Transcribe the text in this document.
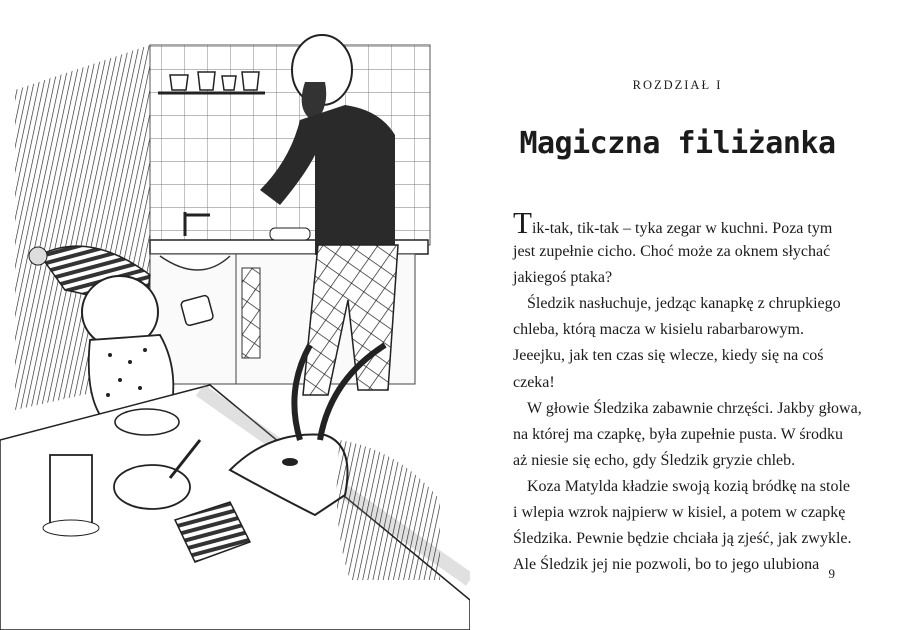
ROZDZIAŁ I
Magiczna filiżanka
Tik-tak, tik-tak – tyka zegar w kuchni. Poza tym
jest zupełnie cicho. Choć może za oknem słychać
jakiegoś ptaka?
Śledzik nasłuchuje, jedząc kanapkę z chrupkiego
chleba, którą macza w kisielu rabarbarowym.
Jeeejku, jak ten czas się wlecze, kiedy się na coś
czeka!
W głowie Śledzika zabawnie chrzęści. Jakby głowa,
na której ma czapkę, była zupełnie pusta. W środku
aż niesie się echo, gdy Śledzik gryzie chleb.
Koza Matylda kładzie swoją kozią bródkę na stole
i wlepia wzrok najpierw w kisiel, a potem w czapkę
Śledzika. Pewnie będzie chciała ją zjeść, jak zwykle.
Ale Śledzik jej nie pozwoli, bo to jego ulubiona
9
